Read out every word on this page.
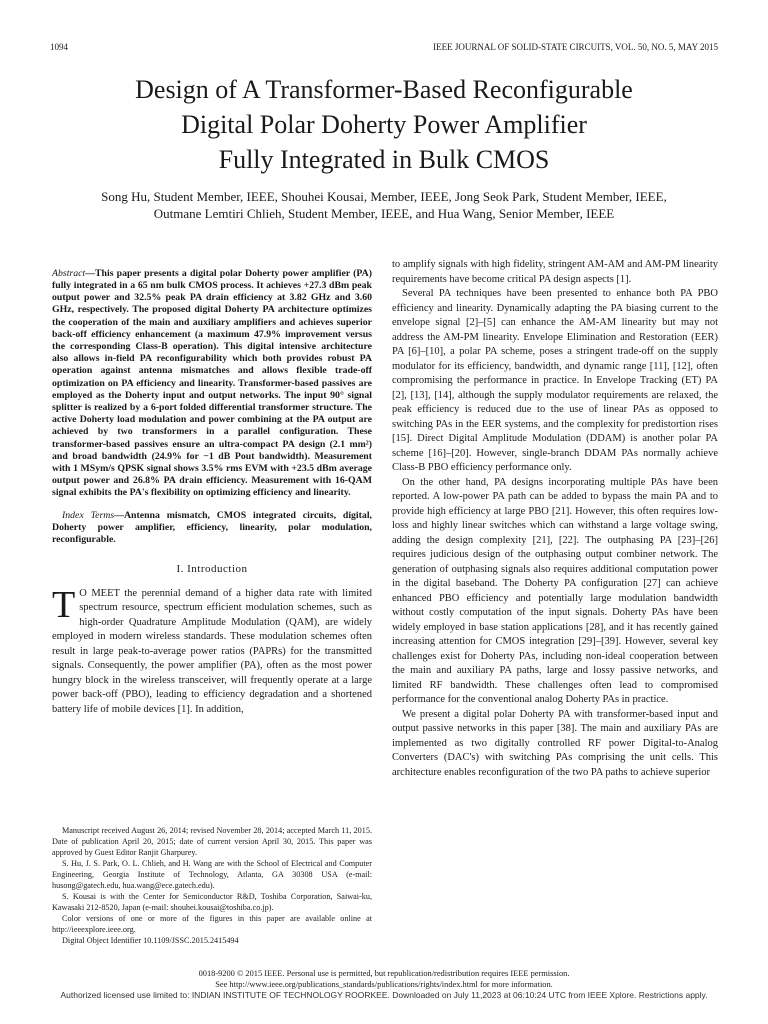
1094	IEEE JOURNAL OF SOLID-STATE CIRCUITS, VOL. 50, NO. 5, MAY 2015
Design of A Transformer-Based Reconfigurable
Digital Polar Doherty Power Amplifier
Fully Integrated in Bulk CMOS
Song Hu, Student Member, IEEE, Shouhei Kousai, Member, IEEE, Jong Seok Park, Student Member, IEEE,
Outmane Lemtiri Chlieh, Student Member, IEEE, and Hua Wang, Senior Member, IEEE

Abstract—This paper presents a digital polar Doherty power amplifier (PA) fully integrated in a 65 nm bulk CMOS process. It achieves +27.3 dBm peak output power and 32.5% peak PA drain efficiency at 3.82 GHz and 3.60 GHz, respectively. The proposed digital Doherty PA architecture optimizes the cooperation of the main and auxiliary amplifiers and achieves superior back-off efficiency enhancement (a maximum 47.9% improvement versus the corresponding Class-B operation). This digital intensive architecture also allows in-field PA reconfigurability which both provides robust PA operation against antenna mismatches and allows flexible trade-off optimization on PA efficiency and linearity. Transformer-based passives are employed as the Doherty input and output networks. The input 90° signal splitter is realized by a 6-port folded differential transformer structure. The active Doherty load modulation and power combining at the PA output are achieved by two transformers in a parallel configuration. These transformer-based passives ensure an ultra-compact PA design (2.1 mm²) and broad bandwidth (24.9% for −1 dB Pout bandwidth). Measurement with 1 MSym/s QPSK signal shows 3.5% rms EVM with +23.5 dBm average output power and 26.8% PA drain efficiency. Measurement with 16-QAM signal exhibits the PA's flexibility on optimizing efficiency and linearity.

Index Terms—Antenna mismatch, CMOS integrated circuits, digital, Doherty power amplifier, efficiency, linearity, polar modulation, reconfigurable.

I. Introduction

T O MEET the perennial demand of a higher data rate with limited spectrum resource, spectrum efficient modulation schemes, such as high-order Quadrature Amplitude Modulation (QAM), are widely employed in modern wireless standards. These modulation schemes often result in large peak-to-average power ratios (PAPRs) for the transmitted signals. Consequently, the power amplifier (PA), often as the most power hungry block in the wireless transceiver, will frequently operate at a large power back-off (PBO), leading to efficiency degradation and a shortened battery life of mobile devices [1]. In addition,

Manuscript received August 26, 2014; revised November 28, 2014; accepted March 11, 2015. Date of publication April 20, 2015; date of current version April 30, 2015. This paper was approved by Guest Editor Ranjit Gharpurey.

S. Hu, J. S. Park, O. L. Chlieh, and H. Wang are with the School of Electrical and Computer Engineering, Georgia Institute of Technology, Atlanta, GA 30308 USA (e-mail: husong@gatech.edu, hua.wang@ece.gatech.edu).

S. Kousai is with the Center for Semiconductor R&D, Toshiba Corporation, Saiwai-ku, Kawasaki 212-8520, Japan (e-mail: shouhei.kousai@toshiba.co.jp).

Color versions of one or more of the figures in this paper are available online at http://ieeexplore.ieee.org.

Digital Object Identifier 10.1109/JSSC.2015.2415494

to amplify signals with high fidelity, stringent AM-AM and AM-PM linearity requirements have become critical PA design aspects [1].

Several PA techniques have been presented to enhance both PA PBO efficiency and linearity. Dynamically adapting the PA biasing current to the envelope signal [2]–[5] can enhance the AM-AM linearity but may not address the AM-PM linearity. Envelope Elimination and Restoration (EER) PA [6]–[10], a polar PA scheme, poses a stringent trade-off on the supply modulator for its efficiency, bandwidth, and dynamic range [11], [12], often compromising the performance in practice. In Envelope Tracking (ET) PA [2], [13], [14], although the supply modulator requirements are relaxed, the peak efficiency is reduced due to the use of linear PAs as opposed to switching PAs in the EER systems, and the complexity for predistortion rises [15]. Direct Digital Amplitude Modulation (DDAM) is another polar PA scheme [16]–[20]. However, single-branch DDAM PAs normally achieve Class-B PBO efficiency performance only.

On the other hand, PA designs incorporating multiple PAs have been reported. A low-power PA path can be added to bypass the main PA and to provide high efficiency at large PBO [21]. However, this often requires low-loss and highly linear switches which can withstand a large voltage swing, adding the design complexity [21], [22]. The outphasing PA [23]–[26] requires judicious design of the outphasing output combiner network. The generation of outphasing signals also requires additional computation power in the digital baseband. The Doherty PA configuration [27] can achieve enhanced PBO efficiency and potentially large modulation bandwidth without costly computation of the input signals. Doherty PAs have been widely employed in base station applications [28], and it has recently gained increasing attention for CMOS integration [29]–[39]. However, several key challenges exist for Doherty PAs, including non-ideal cooperation between the main and auxiliary PA paths, large and lossy passive networks, and limited RF bandwidth. These challenges often lead to compromised performance for the conventional analog Doherty PAs in practice.

We present a digital polar Doherty PA with transformer-based input and output passive networks in this paper [38]. The main and auxiliary PAs are implemented as two digitally controlled RF power Digital-to-Analog Converters (DAC's) with switching PAs comprising the unit cells. This architecture enables reconfiguration of the two PA paths to achieve superior

0018-9200 © 2015 IEEE. Personal use is permitted, but republication/redistribution requires IEEE permission.
See http://www.ieee.org/publications_standards/publications/rights/index.html for more information.
Authorized licensed use limited to: INDIAN INSTITUTE OF TECHNOLOGY ROORKEE. Downloaded on July 11,2023 at 06:10:24 UTC from IEEE Xplore. Restrictions apply.
